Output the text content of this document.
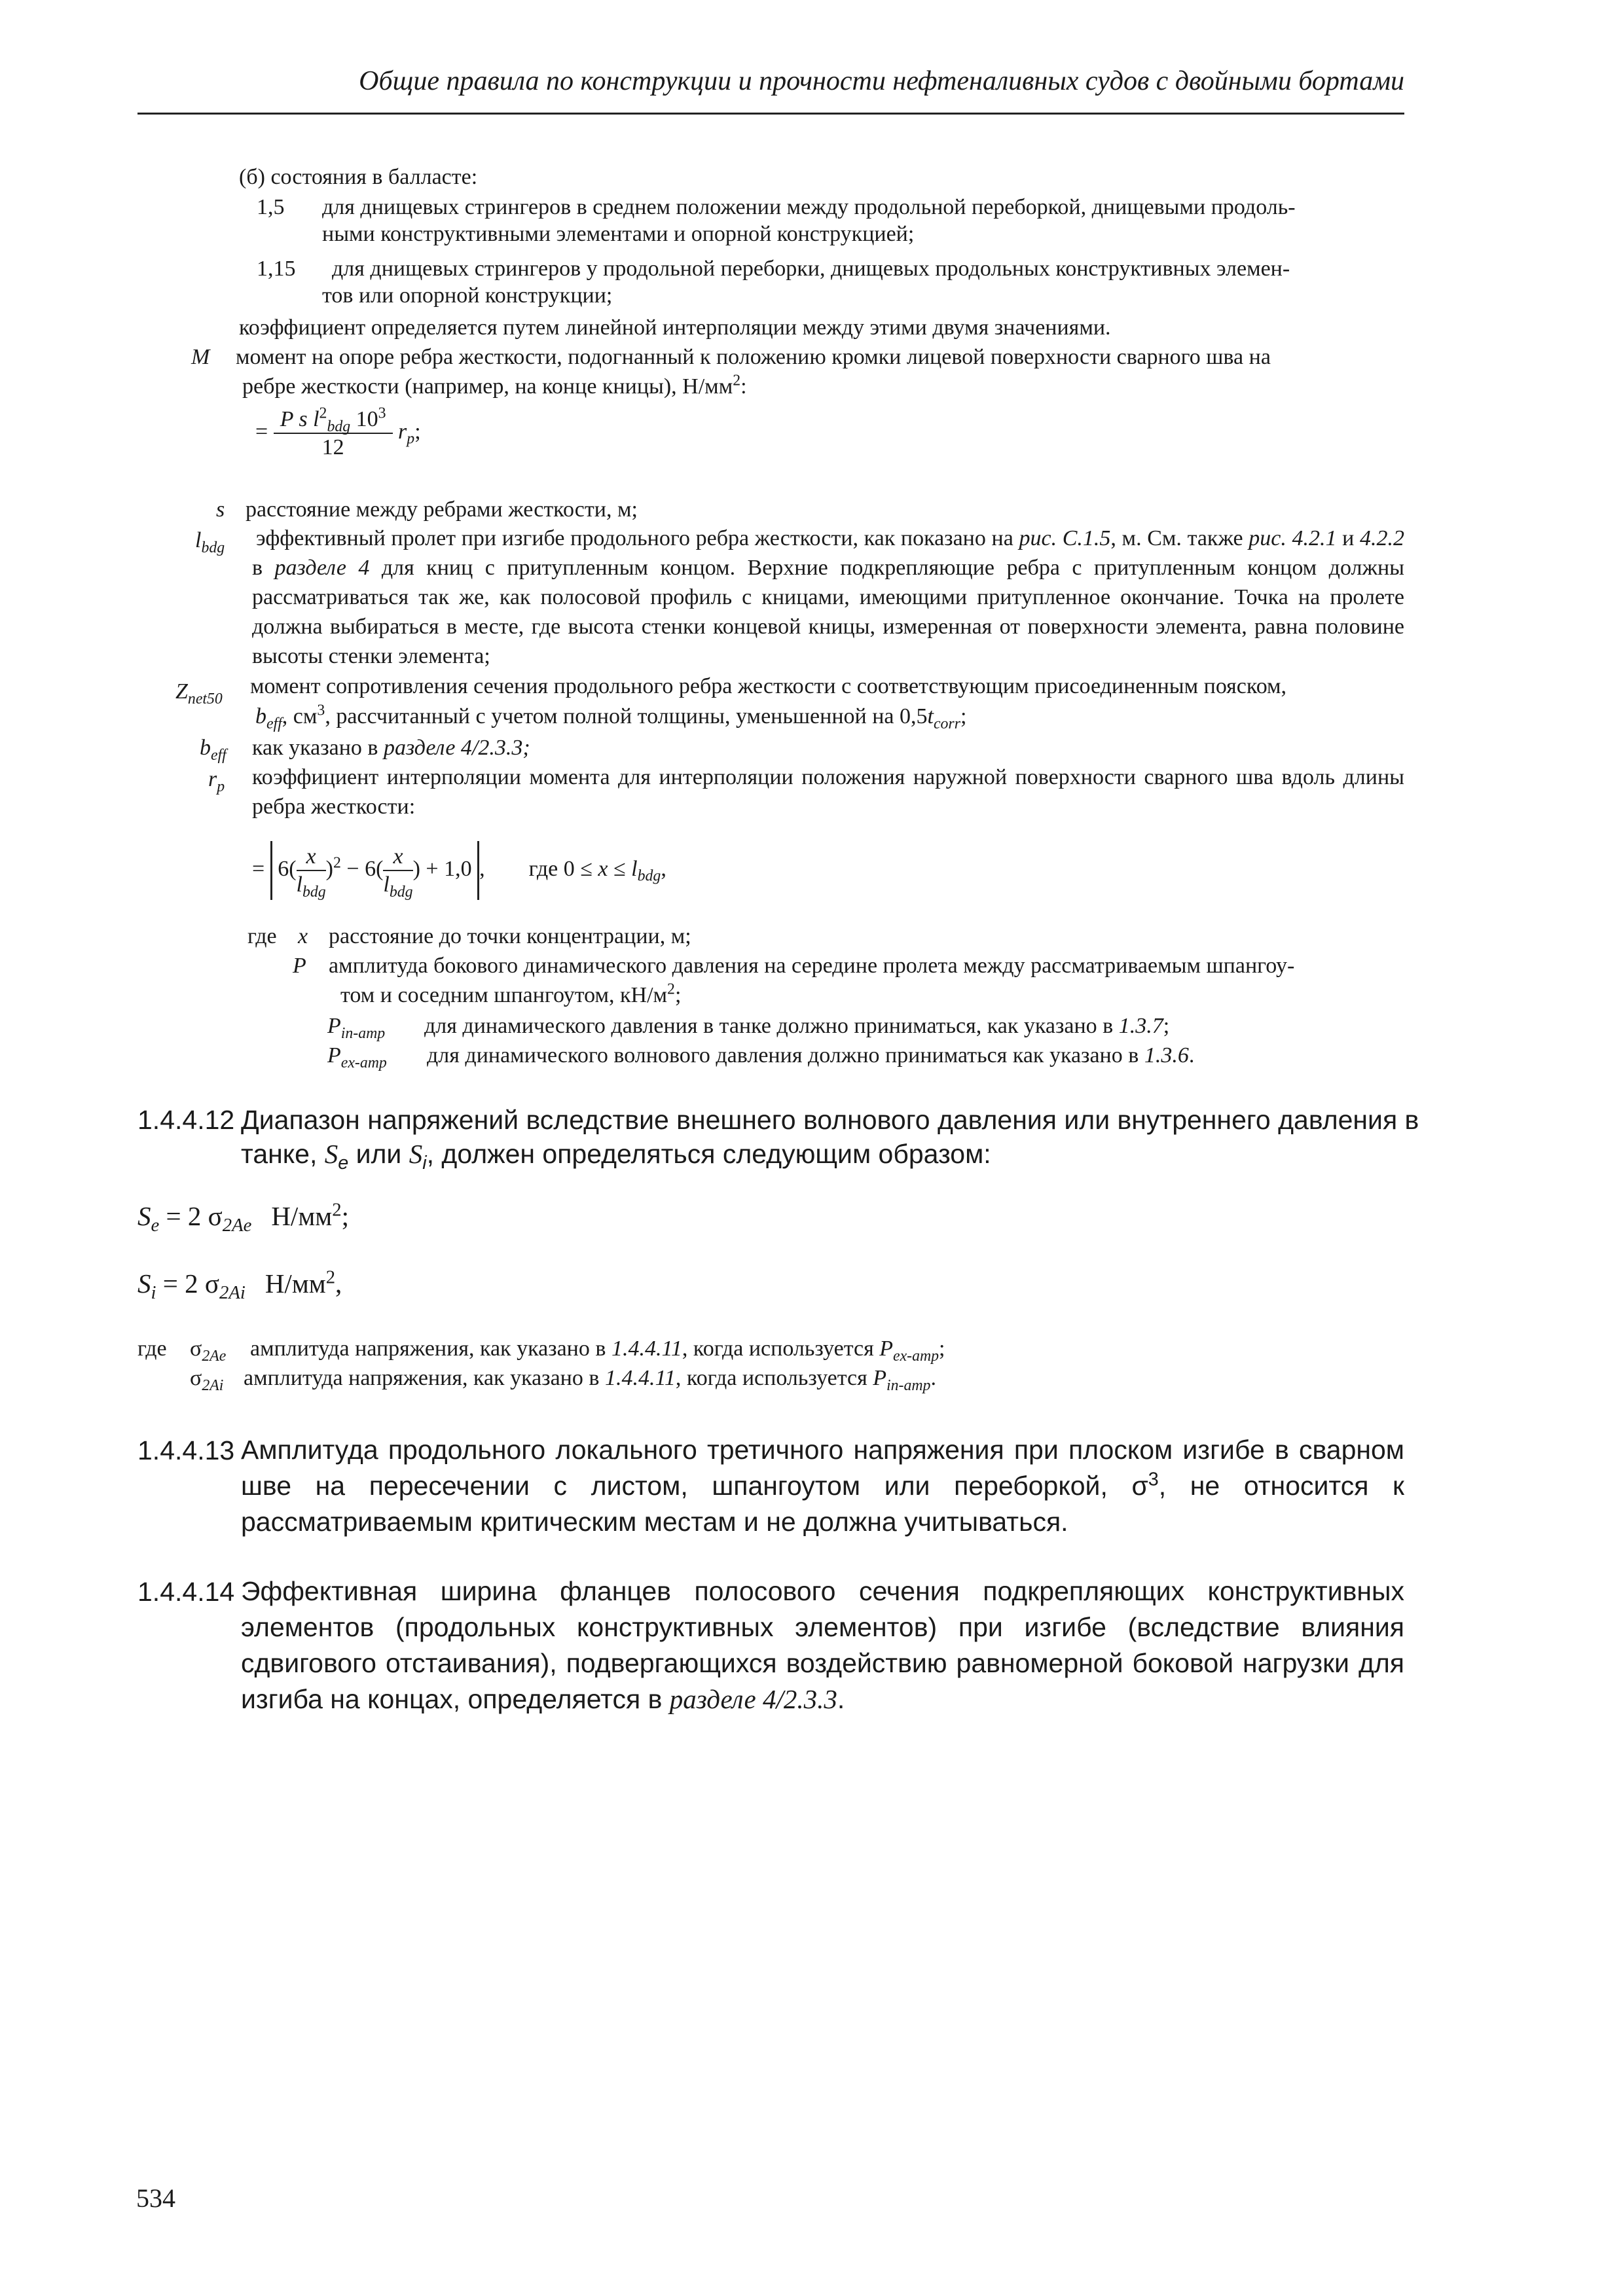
Общие правила по конструкции и прочности нефтеналивных судов с двойными бортами
(б) состояния в балласте:
1,5 для днищевых стрингеров в среднем положении между продольной переборкой, днищевыми продоль-
ными конструктивными элементами и опорной конструкцией;
1,15 для днищевых стрингеров у продольной переборки, днищевых продольных конструктивных элемен-
тов или опорной конструкции;
коэффициент определяется путем линейной интерполяции между этими двумя значениями.
M момент на опоре ребра жесткости, подогнанный к положению кромки лицевой поверхности сварного шва на
ребре жесткости (например, на конце кницы), $Н/мм^2$:
= $\frac{P s l^2_{bdg} 10^3}{12} r_p$;
s расстояние между ребрами жесткости, м;
$l_{bdg}$ эффективный пролет при изгибе продольного ребра жесткости, как показано на рис. C.1.5, м. См. также рис. 4.2.1 и 4.2.2 в разделе 4 для книц с притупленным концом. Верхние подкрепляющие ребра с притупленным концом должны рассматриваться так же, как полосовой профиль с кницами, имеющими притупленное окончание. Точка на пролете должна выбираться в месте, где высота стенки концевой кницы, измеренная от поверхности элемента, равна половине высоты стенки элемента;
$Z_{net50}$
момент сопротивления сечения продольного ребра жесткости с соответствующим присоединенным пояском,
$b_{eff}$, $см^3$, рассчитанный с учетом полной толщины, уменьшенной на $0,5t_{corr}$;
$b_{eff}$ как указано в разделе 4/2.3.3;
$r_p$ коэффициент интерполяции момента для интерполяции положения наружной поверхности сварного шва вдоль длины ребра жесткости:
= $6( \frac{x}{l_{bdg}} )^2 - 6( \frac{x}{l_{bdg}}$ ) + 1,0 , где $0 \le x \le l_{bdg}$,
где x расстояние до точки концентрации, м;
P амплитуда бокового динамического давления на середине пролета между рассматриваемым шпангоу-
том и соседним шпангоутом, $кН/м^2$;
$P_{in-amp}$ для динамического давления в танке должно приниматься, как указано в 1.3.7;
$P_{ex-amp}$ для динамического волнового давления должно приниматься как указано в 1.3.6.
1.4.4.12 Диапазон напряжений вследствие внешнего волнового давления или внутреннего давления в
танке, $S_e$ или $S_i$, должен определяться следующим образом:
$S_e = 2$ $\sigma_{2Ae}$ $Н/мм^2$;
$S_i = 2$ $\sigma_{2Ai}$ $Н/мм^2$,
где $\sigma_{2Ae}$ амплитуда напряжения, как указано в 1.4.4.11, когда используется $P_{ex-amp}$;
$\sigma_{2Ai}$ амплитуда напряжения, как указано в 1.4.4.11, когда используется $P_{in-amp}$.
1.4.4.13 Амплитуда продольного локального третичного напряжения при плоском изгибе в сварном шве на пересечении с листом, шпангоутом или переборкой, $\sigma^3$, не относится к рассматриваемым критическим местам и не должна учитываться.
1.4.4.14 Эффективная ширина фланцев полосового сечения подкрепляющих конструктивных элементов (продольных конструктивных элементов) при изгибе (вследствие влияния сдвигового отстаивания), подвергающихся воздействию равномерной боковой нагрузки для изгиба на концах, определяется в разделе 4/2.3.3.
534
